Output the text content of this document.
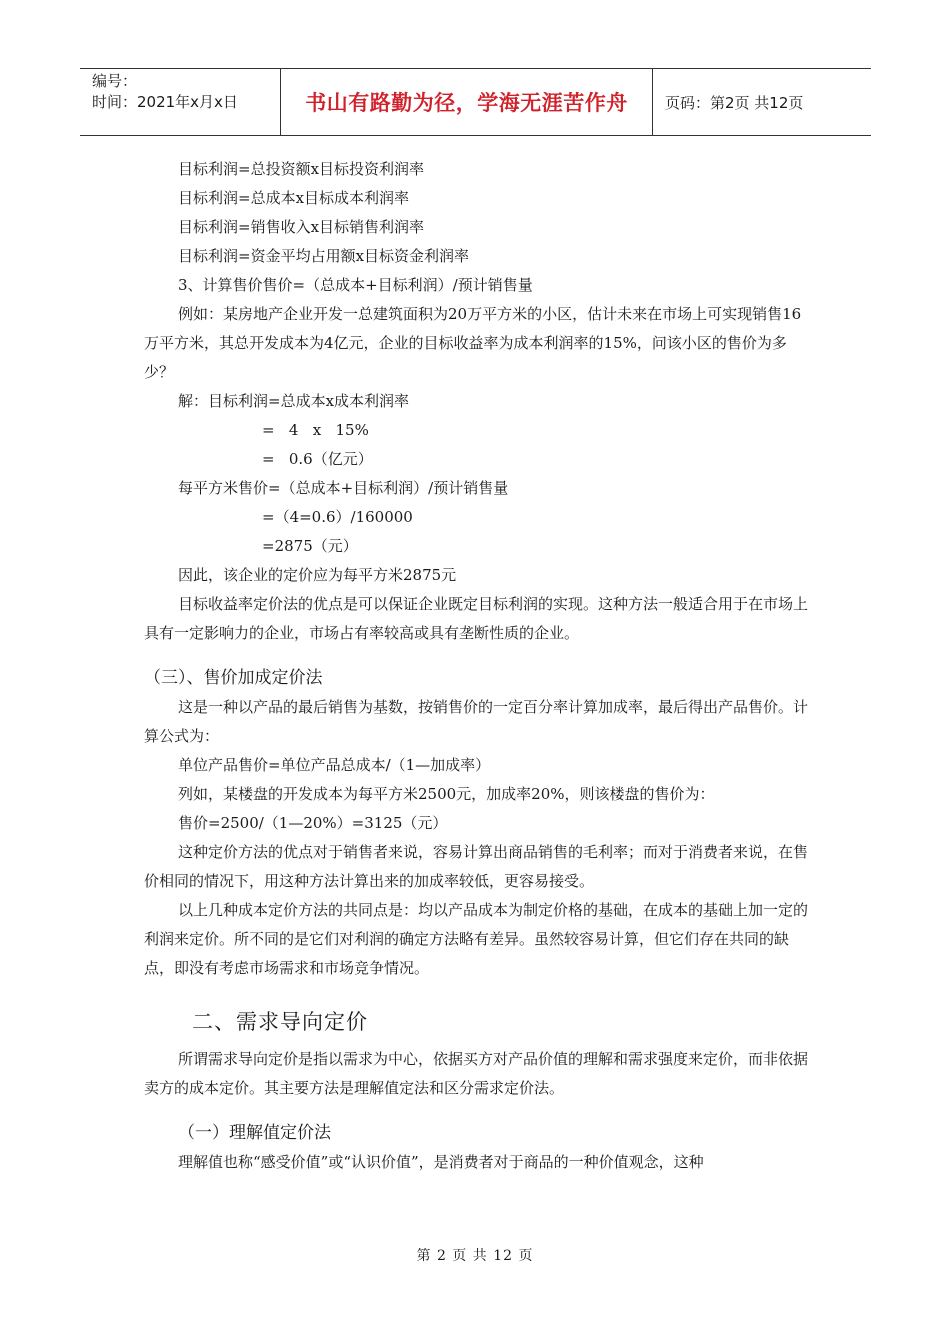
编号：
时间：2021年x月x日	书山有路勤为径，学海无涯苦作舟	页码：第2页 共12页

目标利润=总投资额x目标投资利润率

目标利润=总成本x目标成本利润率

目标利润=销售收入x目标销售利润率

目标利润=资金平均占用额x目标资金利润率

3、计算售价售价=（总成本+目标利润）/预计销售量

例如：某房地产企业开发一总建筑面积为20万平方米的小区，估计未来在市场上可实现销售16万平方米，其总开发成本为4亿元，企业的目标收益率为成本利润率的15%，问该小区的售价为多少？

解：目标利润=总成本x成本利润率

=   4   x   15%

=   0.6（亿元）

每平方米售价=（总成本+目标利润）/预计销售量

=（4=0.6）/160000

=2875（元）

因此，该企业的定价应为每平方米2875元

目标收益率定价法的优点是可以保证企业既定目标利润的实现。这种方法一般适合用于在市场上具有一定影响力的企业，市场占有率较高或具有垄断性质的企业。

（三）、售价加成定价法

这是一种以产品的最后销售为基数，按销售价的一定百分率计算加成率，最后得出产品售价。计算公式为：

单位产品售价=单位产品总成本/（1—加成率）

列如，某楼盘的开发成本为每平方米2500元，加成率20%，则该楼盘的售价为：

售价=2500/（1—20%）=3125（元）

这种定价方法的优点对于销售者来说，容易计算出商品销售的毛利率；而对于消费者来说，在售价相同的情况下，用这种方法计算出来的加成率较低，更容易接受。

以上几种成本定价方法的共同点是：均以产品成本为制定价格的基础，在成本的基础上加一定的利润来定价。所不同的是它们对利润的确定方法略有差异。虽然较容易计算，但它们存在共同的缺点，即没有考虑市场需求和市场竞争情况。

二、需求导向定价

所谓需求导向定价是指以需求为中心，依据买方对产品价值的理解和需求强度来定价，而非依据卖方的成本定价。其主要方法是理解值定法和区分需求定价法。

（一）理解值定价法

理解值也称“感受价值”或“认识价值”，是消费者对于商品的一种价值观念，这种

第 2 页 共 12 页
